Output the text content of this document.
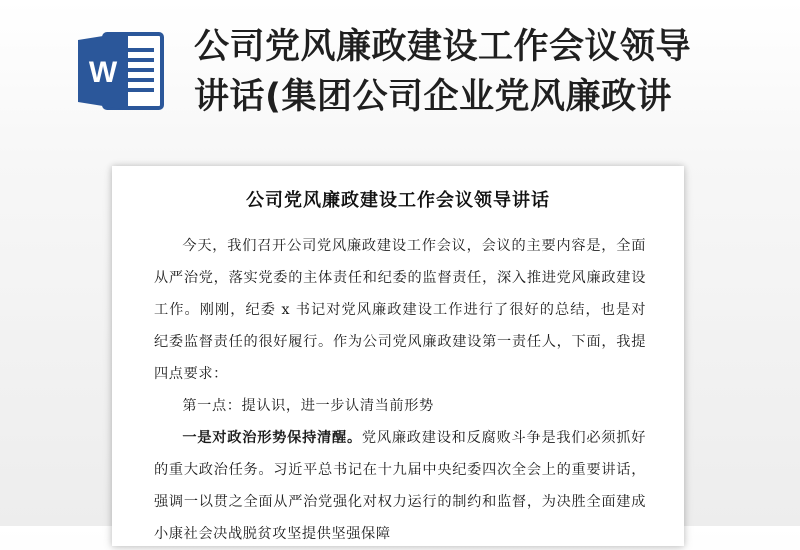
W
公司党风廉政建设工作会议领导
讲话(集团公司企业党风廉政讲
公司党风廉政建设工作会议领导讲话

今天，我们召开公司党风廉政建设工作会议，会议的主要内容是，全面从严治党，落实党委的主体责任和纪委的监督责任，深入推进党风廉政建设工作。刚刚，纪委 x 书记对党风廉政建设工作进行了很好的总结，也是对纪委监督责任的很好履行。作为公司党风廉政建设第一责任人，下面，我提四点要求：

第一点：提认识，进一步认清当前形势

一是对政治形势保持清醒。党风廉政建设和反腐败斗争是我们必须抓好的重大政治任务。习近平总书记在十九届中央纪委四次全会上的重要讲话，强调一以贯之全面从严治党强化对权力运行的制约和监督，为决胜全面建成小康社会决战脱贫攻坚提供坚强保障
